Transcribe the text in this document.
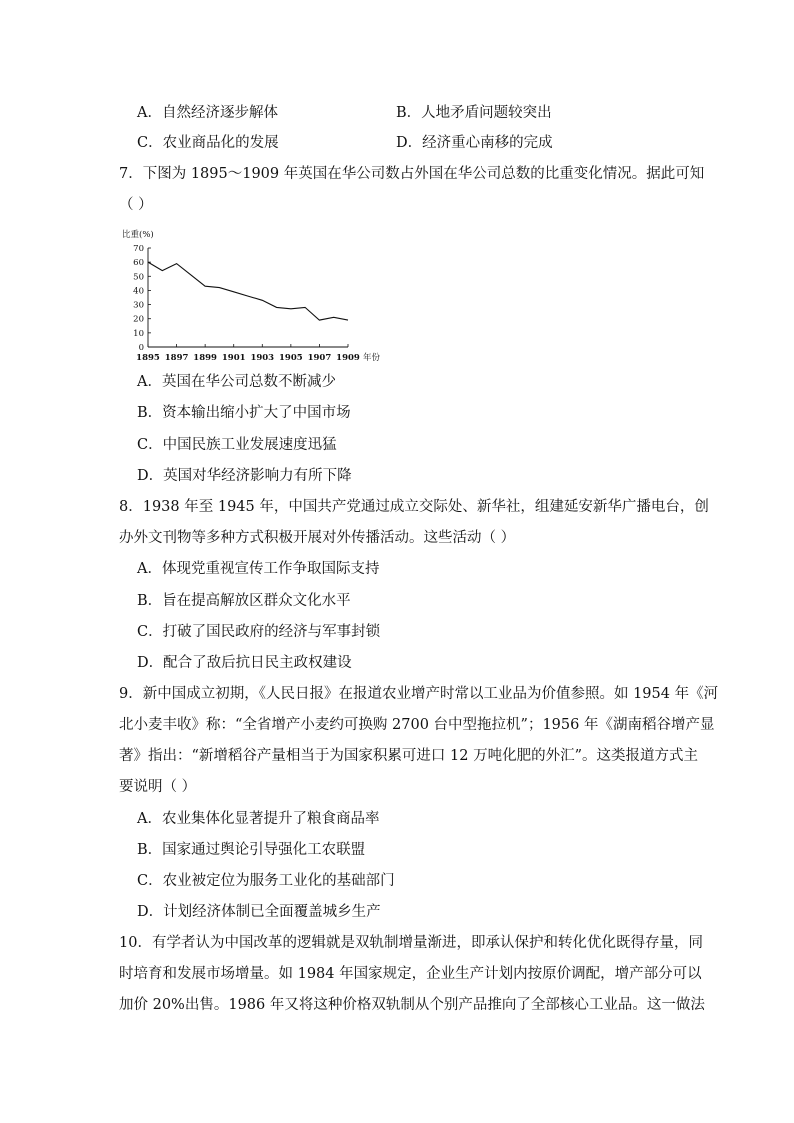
A．自然经济逐步解体	B．人地矛盾问题较突出
C．农业商品化的发展	D．经济重心南移的完成
7．下图为 1895～1909 年英国在华公司数占外国在华公司总数的比重变化情况。据此可知
（ ）
比重(%)
0
10
20
30
40
50
60
70
1895 1897 1899 1901 1903 1905 1907 1909 年份
A．英国在华公司总数不断减少
B．资本输出缩小扩大了中国市场
C．中国民族工业发展速度迅猛
D．英国对华经济影响力有所下降
8．1938 年至 1945 年，中国共产党通过成立交际处、新华社，组建延安新华广播电台，创
办外文刊物等多种方式积极开展对外传播活动。这些活动（ ）
A．体现党重视宣传工作争取国际支持
B．旨在提高解放区群众文化水平
C．打破了国民政府的经济与军事封锁
D．配合了敌后抗日民主政权建设
9．新中国成立初期，《人民日报》在报道农业增产时常以工业品为价值参照。如 1954 年《河
北小麦丰收》称：“全省增产小麦约可换购 2700 台中型拖拉机”；1956 年《湖南稻谷增产显
著》指出：“新增稻谷产量相当于为国家积累可进口 12 万吨化肥的外汇”。这类报道方式主
要说明（ ）
A．农业集体化显著提升了粮食商品率
B．国家通过舆论引导强化工农联盟
C．农业被定位为服务工业化的基础部门
D．计划经济体制已全面覆盖城乡生产
10．有学者认为中国改革的逻辑就是双轨制增量渐进，即承认保护和转化优化既得存量，同
时培育和发展市场增量。如 1984 年国家规定，企业生产计划内按原价调配，增产部分可以
加价 20%出售。1986 年又将这种价格双轨制从个别产品推向了全部核心工业品。这一做法
